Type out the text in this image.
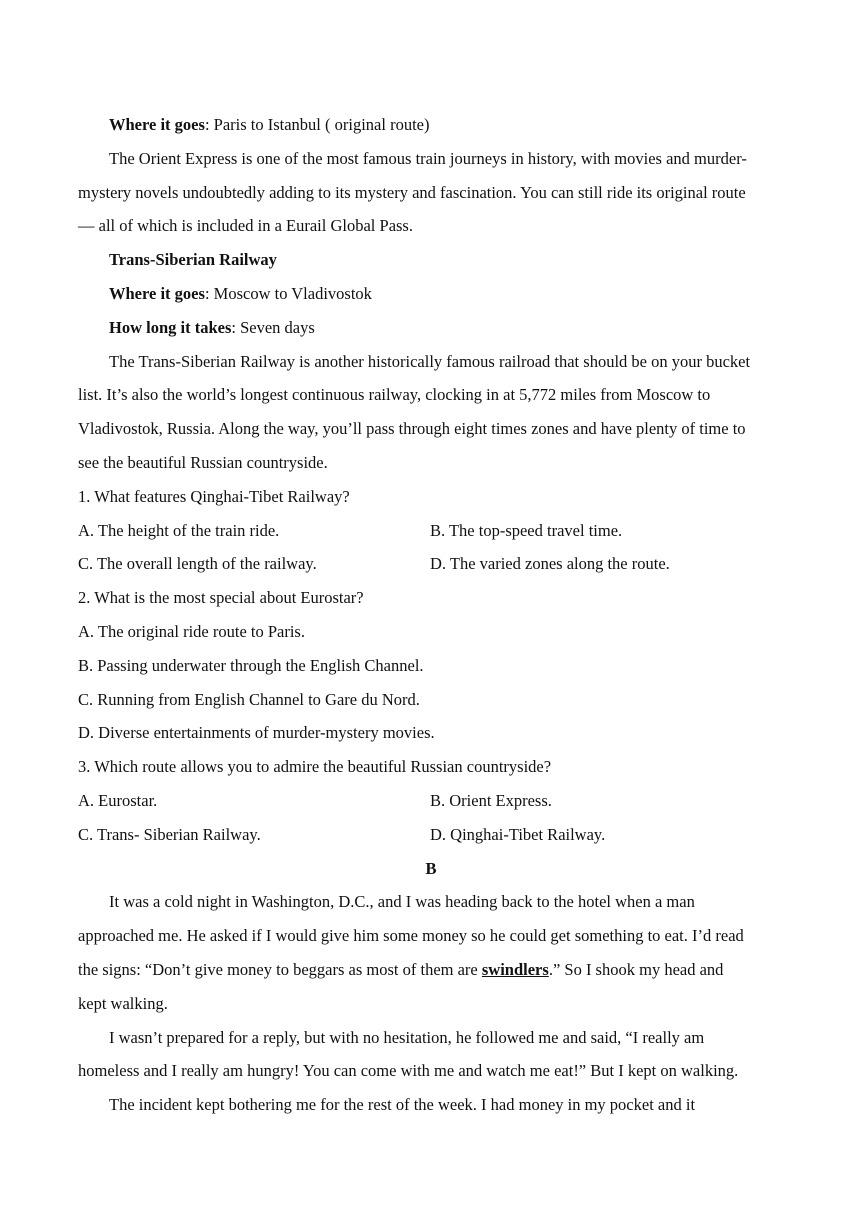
Where it goes: Paris to Istanbul ( original route)
The Orient Express is one of the most famous train journeys in history, with movies and murder-
mystery novels undoubtedly adding to its mystery and fascination. You can still ride its original route
— all of which is included in a Eurail Global Pass.
Trans-Siberian Railway
Where it goes: Moscow to Vladivostok
How long it takes: Seven days
The Trans-Siberian Railway is another historically famous railroad that should be on your bucket
list. It’s also the world’s longest continuous railway, clocking in at 5,772 miles from Moscow to
Vladivostok, Russia. Along the way, you’ll pass through eight times zones and have plenty of time to
see the beautiful Russian countryside.
1. What features Qinghai-Tibet Railway?
A. The height of the train ride.	B. The top-speed travel time.
C. The overall length of the railway.	D. The varied zones along the route.
2. What is the most special about Eurostar?
A. The original ride route to Paris.
B. Passing underwater through the English Channel.
C. Running from English Channel to Gare du Nord.
D. Diverse entertainments of murder-mystery movies.
3. Which route allows you to admire the beautiful Russian countryside?
A. Eurostar.	B. Orient Express.
C. Trans- Siberian Railway.	D. Qinghai-Tibet Railway.
B
It was a cold night in Washington, D.C., and I was heading back to the hotel when a man
approached me. He asked if I would give him some money so he could get something to eat. I’d read
the signs: “Don’t give money to beggars as most of them are swindlers.” So I shook my head and
kept walking.
I wasn’t prepared for a reply, but with no hesitation, he followed me and said, “I really am
homeless and I really am hungry! You can come with me and watch me eat!” But I kept on walking.
The incident kept bothering me for the rest of the week. I had money in my pocket and it
